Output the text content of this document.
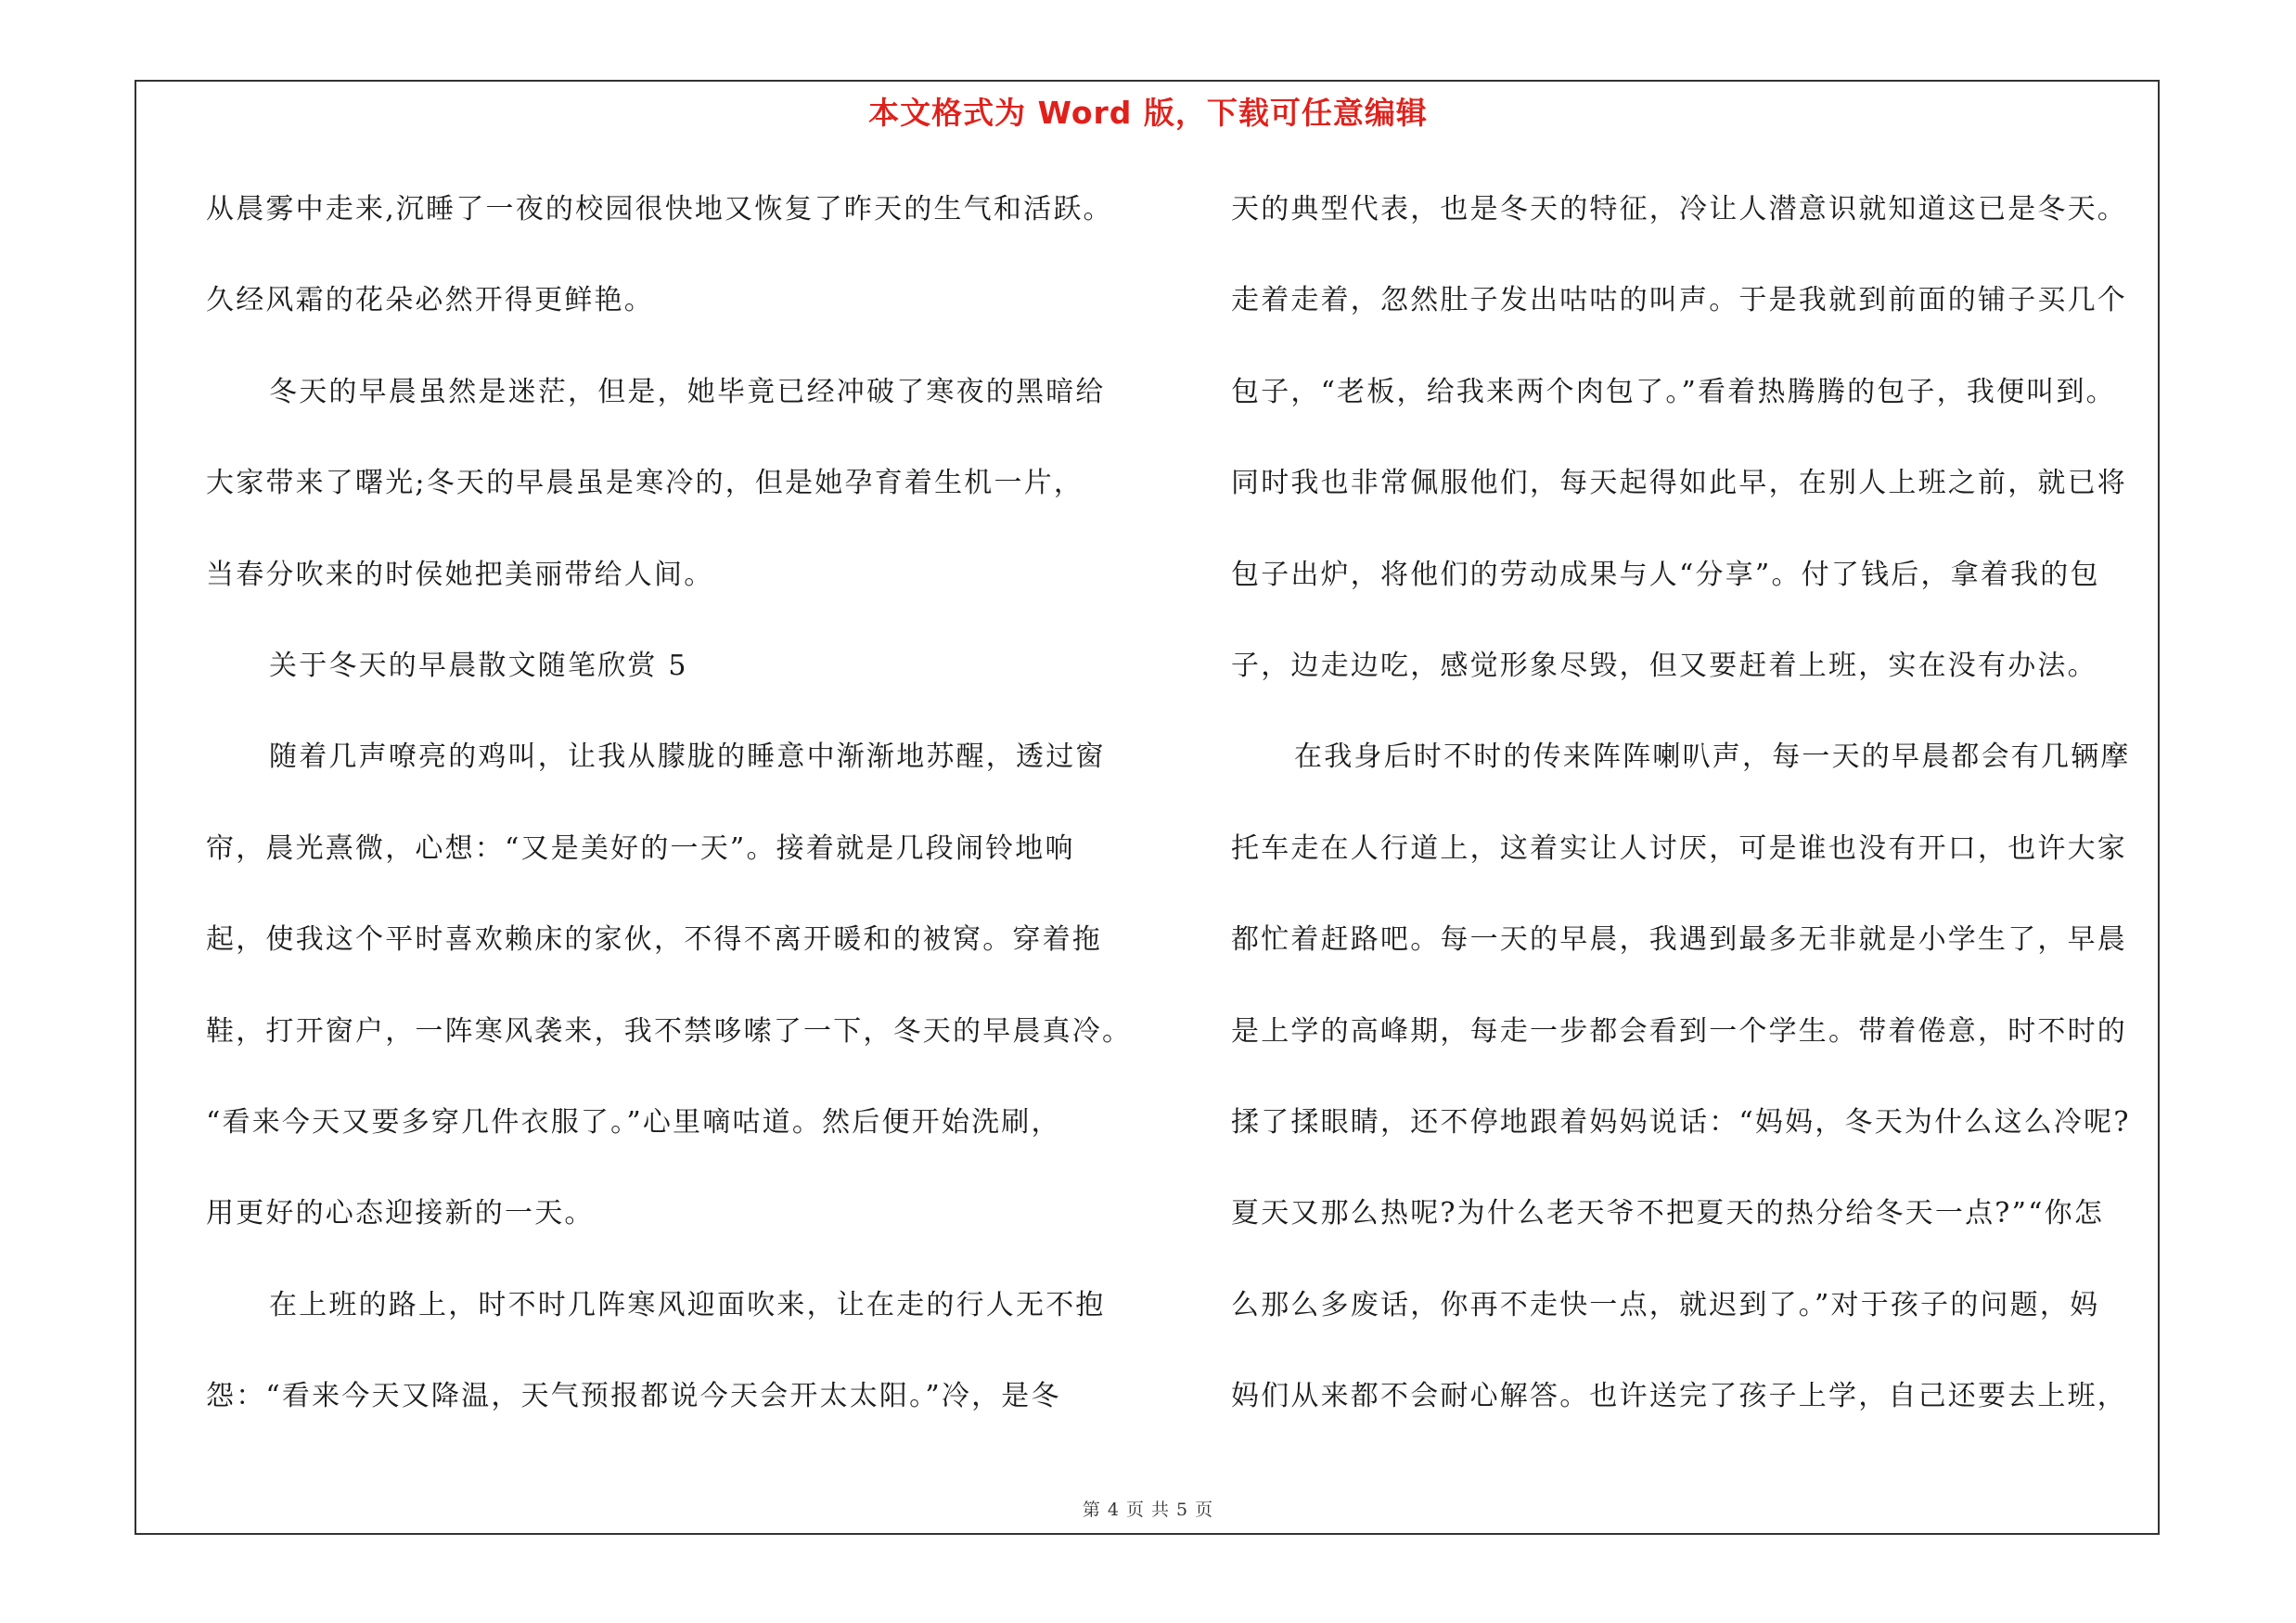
本文格式为 Word 版，下载可任意编辑
从晨雾中走来,沉睡了一夜的校园很快地又恢复了昨天的生气和活跃。
久经风霜的花朵必然开得更鲜艳。
冬天的早晨虽然是迷茫，但是，她毕竟已经冲破了寒夜的黑暗给
大家带来了曙光;冬天的早晨虽是寒冷的，但是她孕育着生机一片，
当春分吹来的时侯她把美丽带给人间。
关于冬天的早晨散文随笔欣赏 5
随着几声嘹亮的鸡叫，让我从朦胧的睡意中渐渐地苏醒，透过窗
帘，晨光熹微，心想：“又是美好的一天”。接着就是几段闹铃地响
起，使我这个平时喜欢赖床的家伙，不得不离开暖和的被窝。穿着拖
鞋，打开窗户，一阵寒风袭来，我不禁哆嗦了一下，冬天的早晨真冷。
“看来今天又要多穿几件衣服了。”心里嘀咕道。然后便开始洗刷，
用更好的心态迎接新的一天。
在上班的路上，时不时几阵寒风迎面吹来，让在走的行人无不抱
怨：“看来今天又降温，天气预报都说今天会开太太阳。”冷，是冬
天的典型代表，也是冬天的特征，冷让人潜意识就知道这已是冬天。
走着走着，忽然肚子发出咕咕的叫声。于是我就到前面的铺子买几个
包子，“老板，给我来两个肉包了。”看着热腾腾的包子，我便叫到。
同时我也非常佩服他们，每天起得如此早，在别人上班之前，就已将
包子出炉，将他们的劳动成果与人“分享”。付了钱后，拿着我的包
子，边走边吃，感觉形象尽毁，但又要赶着上班，实在没有办法。
在我身后时不时的传来阵阵喇叭声，每一天的早晨都会有几辆摩
托车走在人行道上，这着实让人讨厌，可是谁也没有开口，也许大家
都忙着赶路吧。每一天的早晨，我遇到最多无非就是小学生了，早晨
是上学的高峰期，每走一步都会看到一个学生。带着倦意，时不时的
揉了揉眼睛，还不停地跟着妈妈说话：“妈妈，冬天为什么这么冷呢?
夏天又那么热呢?为什么老天爷不把夏天的热分给冬天一点?”“你怎
么那么多废话，你再不走快一点，就迟到了。”对于孩子的问题，妈
妈们从来都不会耐心解答。也许送完了孩子上学，自己还要去上班，
第 4 页 共 5 页
